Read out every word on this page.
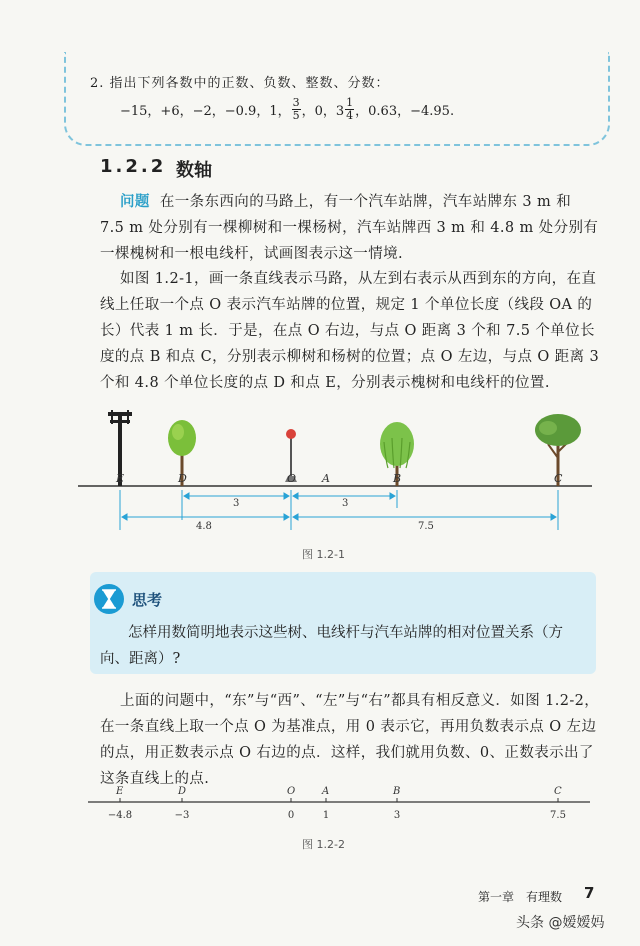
2. 指出下列各数中的正数、负数、整数、分数：
−15，+6，−2，−0.9，1， $\frac{3}{5}$ ，0，$3 \frac{1}{4}$ ，0.63，−4.95.
1.2.2 数轴

问题 在一条东西向的马路上，有一个汽车站牌，汽车站牌东 3 m 和 7.5 m 处分别有一棵柳树和一棵杨树，汽车站牌西 3 m 和 4.8 m 处分别有一棵槐树和一根电线杆，试画图表示这一情境.

如图 1.2-1，画一条直线表示马路，从左到右表示从西到东的方向，在直线上任取一个点 O 表示汽车站牌的位置，规定 1 个单位长度（线段 OA 的长）代表 1 m 长．于是，在点 O 右边，与点 O 距离 3 个和 7.5 个单位长度的点 B 和点 C，分别表示柳树和杨树的位置；点 O 左边，与点 O 距离 3 个和 4.8 个单位长度的点 D 和点 E，分别表示槐树和电线杆的位置.

E	D	O A	B	C
3	3
4.8	7.5
图 1.2-1
思考

怎样用数简明地表示这些树、电线杆与汽车站牌的相对位置关系（方向、距离）?

上面的问题中，“东”与“西”、“左”与“右”都具有相反意义．如图 1.2-2，在一条直线上取一个点 O 为基准点，用 0 表示它，再用负数表示点 O 左边的点，用正数表示点 O 右边的点．这样，我们就用负数、0、正数表示出了这条直线上的点.

E
−4.8
D
−3
O
0
A
1
B
3
C
7.5
图 1.2-2
第一章　有理数 7
头条 @嫒嫒妈
